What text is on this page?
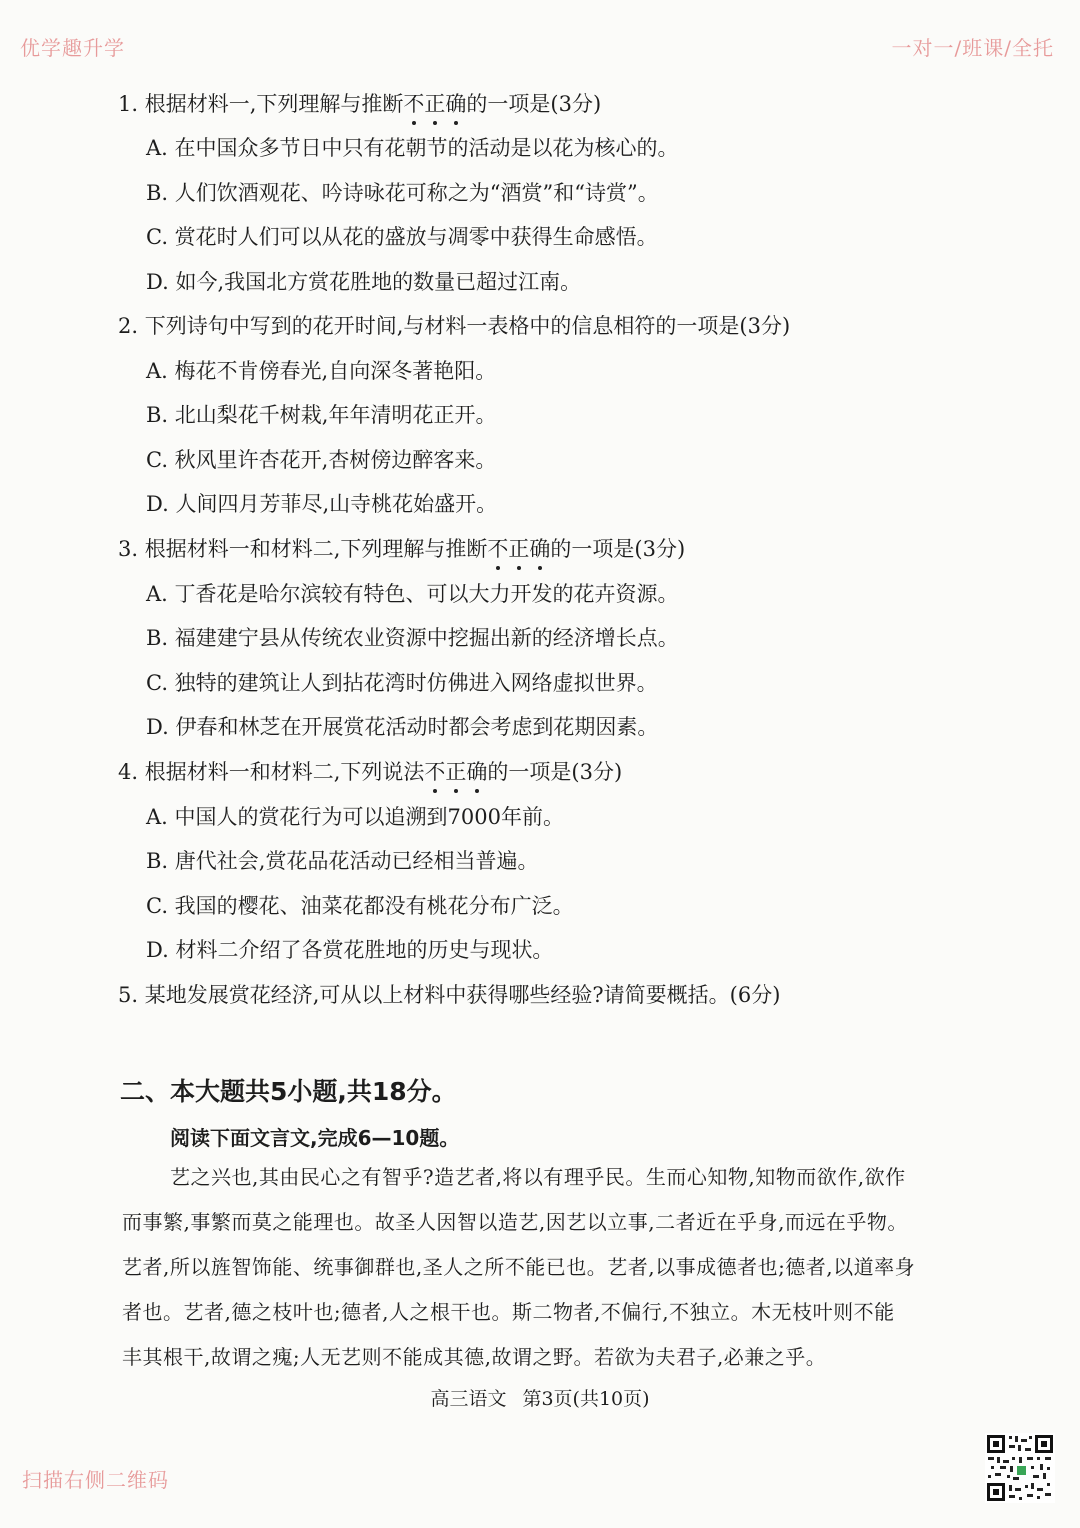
优学趣升学	一对一/班课/全托
扫描右侧二维码
1. 根据材料一,下列理解与推断不正确的一项是(3分)
A. 在中国众多节日中只有花朝节的活动是以花为核心的。
B. 人们饮酒观花、吟诗咏花可称之为“酒赏”和“诗赏”。
C. 赏花时人们可以从花的盛放与凋零中获得生命感悟。
D. 如今,我国北方赏花胜地的数量已超过江南。
2. 下列诗句中写到的花开时间,与材料一表格中的信息相符的一项是(3分)
A. 梅花不肯傍春光,自向深冬著艳阳。
B. 北山梨花千树栽,年年清明花正开。
C. 秋风里许杏花开,杏树傍边醉客来。
D. 人间四月芳菲尽,山寺桃花始盛开。
3. 根据材料一和材料二,下列理解与推断不正确的一项是(3分)
A. 丁香花是哈尔滨较有特色、可以大力开发的花卉资源。
B. 福建建宁县从传统农业资源中挖掘出新的经济增长点。
C. 独特的建筑让人到拈花湾时仿佛进入网络虚拟世界。
D. 伊春和林芝在开展赏花活动时都会考虑到花期因素。
4. 根据材料一和材料二,下列说法不正确的一项是(3分)
A. 中国人的赏花行为可以追溯到7000年前。
B. 唐代社会,赏花品花活动已经相当普遍。
C. 我国的樱花、油菜花都没有桃花分布广泛。
D. 材料二介绍了各赏花胜地的历史与现状。
5. 某地发展赏花经济,可从以上材料中获得哪些经验?请简要概括。(6分)
二、本大题共5小题,共18分。
阅读下面文言文,完成6—10题。
艺之兴也,其由民心之有智乎?造艺者,将以有理乎民。生而心知物,知物而欲作,欲作
而事繁,事繁而莫之能理也。故圣人因智以造艺,因艺以立事,二者近在乎身,而远在乎物。
艺者,所以旌智饰能、统事御群也,圣人之所不能已也。艺者,以事成德者也;德者,以道率身
者也。艺者,德之枝叶也;德者,人之根干也。斯二物者,不偏行,不独立。木无枝叶则不能
丰其根干,故谓之瘣;人无艺则不能成其德,故谓之野。若欲为夫君子,必兼之乎。
高三语文 第3页(共10页)
